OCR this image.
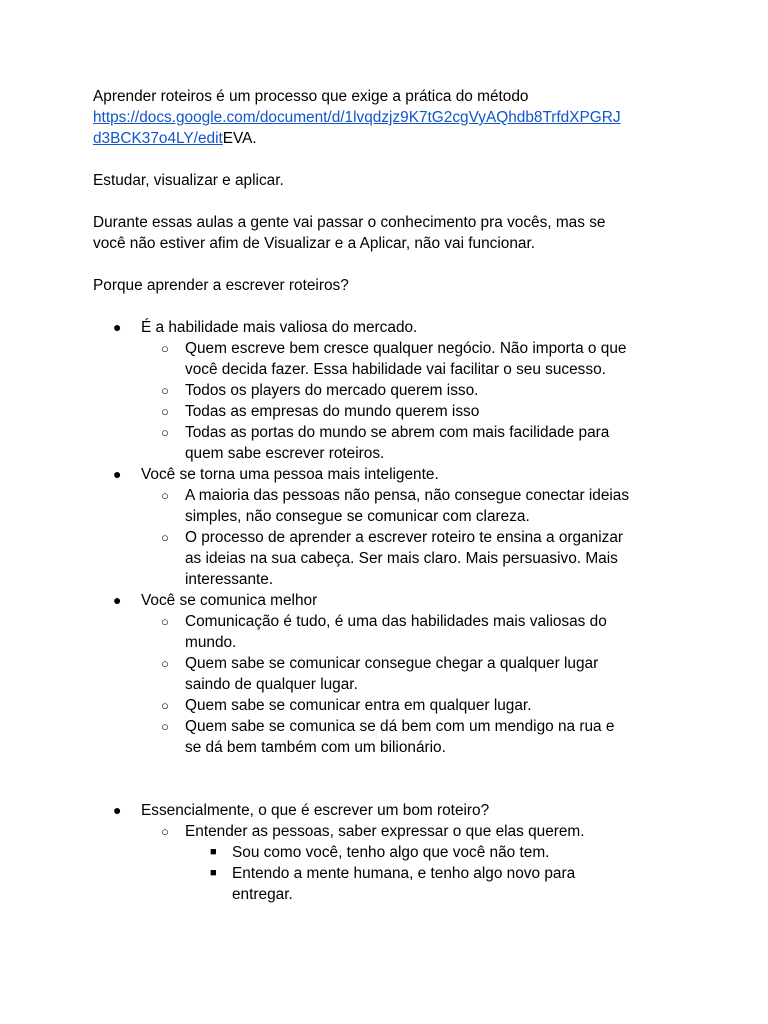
Aprender roteiros é um processo que exige a prática do método
https://docs.google.com/document/d/1lvqdzjz9K7tG2cgVyAQhdb8TrfdXPGRJ
d3BCK37o4LY/editEVA.

Estudar, visualizar e aplicar.

Durante essas aulas a gente vai passar o conhecimento pra vocês, mas se
você não estiver afim de Visualizar e a Aplicar, não vai funcionar.

Porque aprender a escrever roteiros?

● É a habilidade mais valiosa do mercado.
○ Quem escreve bem cresce qualquer negócio. Não importa o que
você decida fazer. Essa habilidade vai facilitar o seu sucesso.
○ Todos os players do mercado querem isso.
○ Todas as empresas do mundo querem isso
○ Todas as portas do mundo se abrem com mais facilidade para
quem sabe escrever roteiros.
● Você se torna uma pessoa mais inteligente.
○ A maioria das pessoas não pensa, não consegue conectar ideias
simples, não consegue se comunicar com clareza.
○ O processo de aprender a escrever roteiro te ensina a organizar
as ideias na sua cabeça. Ser mais claro. Mais persuasivo. Mais
interessante.
● Você se comunica melhor
○ Comunicação é tudo, é uma das habilidades mais valiosas do
mundo.
○ Quem sabe se comunicar consegue chegar a qualquer lugar
saindo de qualquer lugar.
○ Quem sabe se comunicar entra em qualquer lugar.
○ Quem sabe se comunica se dá bem com um mendigo na rua e
se dá bem também com um bilionário.
● Essencialmente, o que é escrever um bom roteiro?
○ Entender as pessoas, saber expressar o que elas querem.
■ Sou como você, tenho algo que você não tem.
■ Entendo a mente humana, e tenho algo novo para
entregar.
